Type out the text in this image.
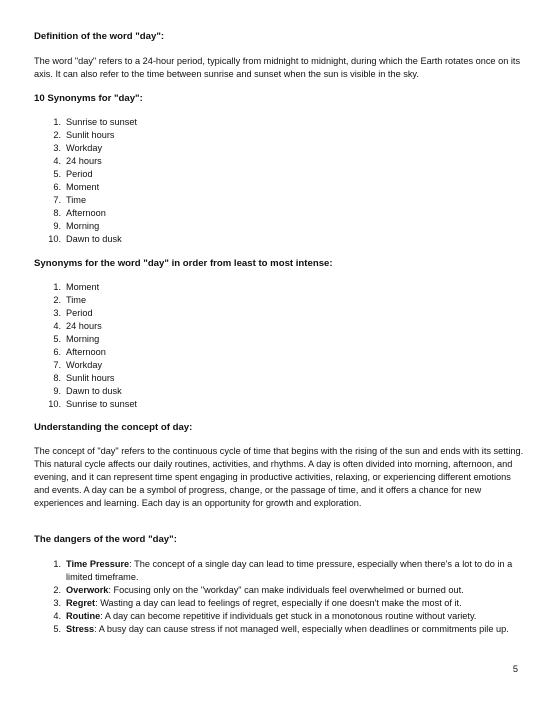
Definition of the word "day":

The word "day" refers to a 24-hour period, typically from midnight to midnight, during which the Earth rotates once on its axis. It can also refer to the time between sunrise and sunset when the sun is visible in the sky.

10 Synonyms for "day":
1. Sunrise to sunset
2. Sunlit hours
3. Workday
4. 24 hours
5. Period
6. Moment
7. Time
8. Afternoon
9. Morning
10. Dawn to dusk
Synonyms for the word "day" in order from least to most intense:
1. Moment
2. Time
3. Period
4. 24 hours
5. Morning
6. Afternoon
7. Workday
8. Sunlit hours
9. Dawn to dusk
10. Sunrise to sunset
Understanding the concept of day:

The concept of "day" refers to the continuous cycle of time that begins with the rising of the sun and ends with its setting. This natural cycle affects our daily routines, activities, and rhythms. A day is often divided into morning, afternoon, and evening, and it can represent time spent engaging in productive activities, relaxing, or experiencing different emotions and events. A day can be a symbol of progress, change, or the passage of time, and it offers a chance for new experiences and learning. Each day is an opportunity for growth and exploration.

The dangers of the word "day":
1. Time Pressure: The concept of a single day can lead to time pressure, especially when there's a lot to do in a limited timeframe.
2. Overwork: Focusing only on the "workday" can make individuals feel overwhelmed or burned out.
3. Regret: Wasting a day can lead to feelings of regret, especially if one doesn't make the most of it.
4. Routine: A day can become repetitive if individuals get stuck in a monotonous routine without variety.
5. Stress: A busy day can cause stress if not managed well, especially when deadlines or commitments pile up.
5
